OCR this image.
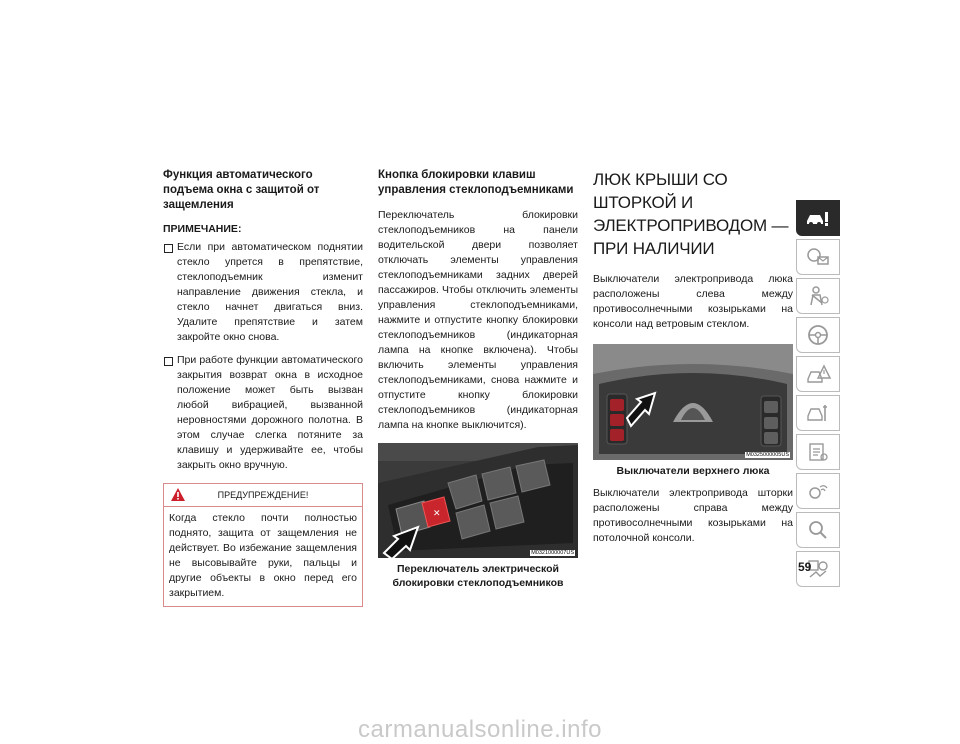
Функция автоматического подъема окна с защитой от защемления
ПРИМЕЧАНИЕ:
Если при автоматическом поднятии стекло упрется в препятствие, стеклоподъемник изменит направление движения стекла, и стекло начнет двигаться вниз. Удалите препятствие и затем закройте окно снова.
При работе функции автоматического закрытия возврат окна в исходное положение может быть вызван любой вибрацией, вызванной неровностями дорожного полотна. В этом случае слегка потяните за клавишу и удерживайте ее, чтобы закрыть окно вручную.
ПРЕДУПРЕЖДЕНИЕ!
Когда стекло почти полностью поднято, защита от защемления не действует. Во избежание защемления не высовывайте руки, пальцы и другие объекты в окно перед его закрытием.
Кнопка блокировки клавиш управления стеклоподъемниками

Переключатель блокировки стеклоподъемников на панели водительской двери позволяет отключать элементы управления стеклоподъемниками задних дверей пассажиров. Чтобы отключить элементы управления стеклоподъемниками, нажмите и отпустите кнопку блокировки стеклоподъемников (индикаторная лампа на кнопке включена). Чтобы включить элементы управления стеклоподъемниками, снова нажмите и отпустите кнопку блокировки стеклоподъемников (индикаторная лампа на кнопке выключится).

✕
M0321000007US
Переключатель электрической блокировки стеклоподъемников
ЛЮК КРЫШИ СО ШТОРКОЙ И ЭЛЕКТРОПРИВОДОМ — ПРИ НАЛИЧИИ

Выключатели электропривода люка расположены слева между противосолнечными козырьками на консоли над ветровым стеклом.

M0325000005US
Выключатели верхнего люка

Выключатели электропривода шторки расположены справа между противосолнечными козырьками на потолочной консоли.

59
carmanualsonline.info
